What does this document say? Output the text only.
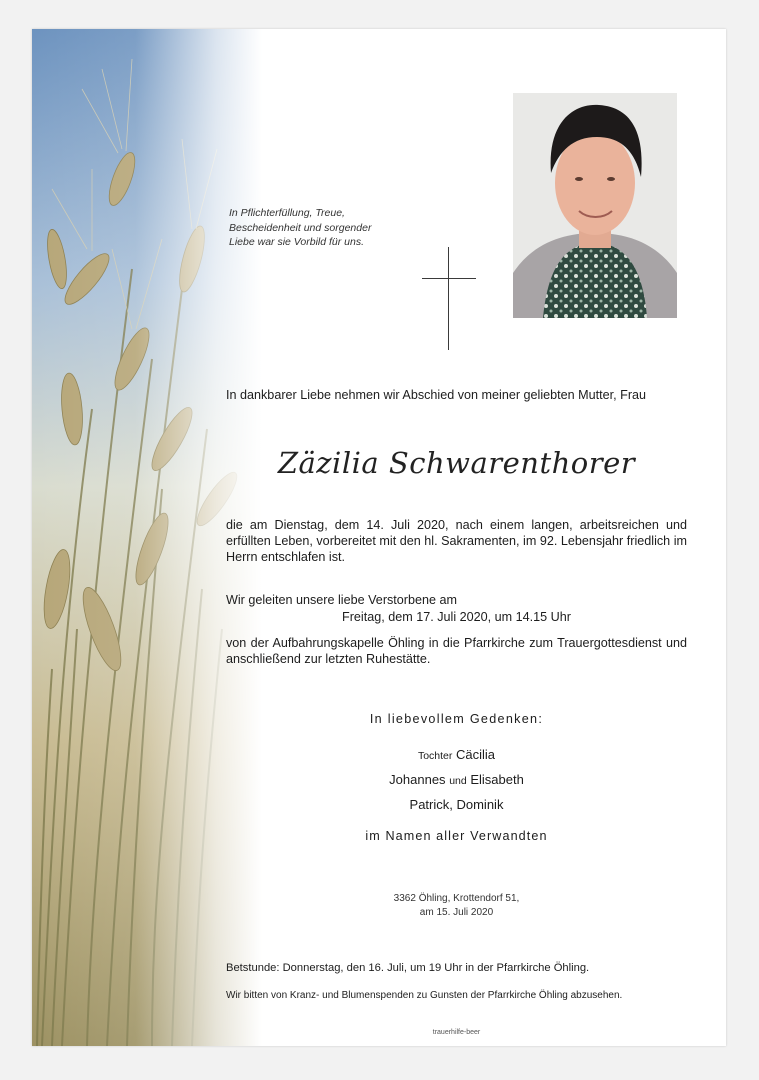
In Pflichterfüllung, Treue,
Bescheidenheit und sorgender
Liebe war sie Vorbild für uns.
In dankbarer Liebe nehmen wir Abschied von meiner geliebten Mutter, Frau
Zäzilia Schwarenthorer
die am Dienstag, dem 14. Juli 2020, nach einem langen, arbeitsreichen und erfüllten Leben, vorbereitet mit den hl. Sakramenten, im 92. Lebensjahr friedlich im Herrn entschlafen ist.
Wir geleiten unsere liebe Verstorbene am
Freitag, dem 17. Juli 2020, um 14.15 Uhr
von der Aufbahrungskapelle Öhling in die Pfarrkirche zum Trauergottesdienst und anschließend zur letzten Ruhestätte.
In liebevollem Gedenken:
Tochter Cäcilia
Johannes und Elisabeth
Patrick, Dominik
im Namen aller Verwandten
3362 Öhling, Krottendorf 51,
am 15. Juli 2020
Betstunde: Donnerstag, den 16. Juli, um 19 Uhr in der Pfarrkirche Öhling.
Wir bitten von Kranz- und Blumenspenden zu Gunsten der Pfarrkirche Öhling abzusehen.
trauerhilfe-beer
